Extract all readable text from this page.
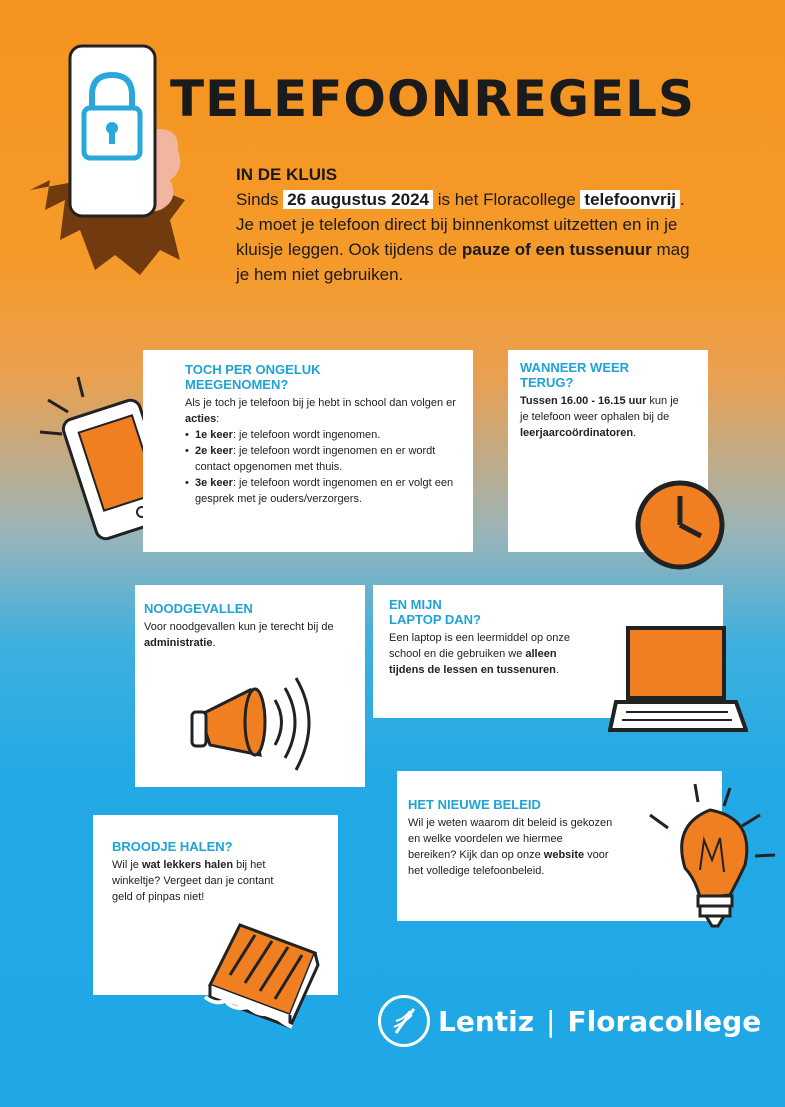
TELEFOONREGELS
IN DE KLUIS

Sinds 26 augustus 2024 is het Floracollege telefoonvrij . Je moet je telefoon direct bij binnenkomst uitzetten en in je kluisje leggen. Ook tijdens de pauze of een tussenuur mag je hem niet gebruiken.

TOCH PER ONGELUK
MEEGENOMEN?

Als je toch je telefoon bij je hebt in school dan volgen er acties:

• 1e keer: je telefoon wordt ingenomen.
• 2e keer: je telefoon wordt ingenomen en er wordt contact opgenomen met thuis.
• 3e keer: je telefoon wordt ingenomen en er volgt een gesprek met je ouders/verzorgers.
WANNEER WEER
TERUG?

Tussen 16.00 - 16.15 uur kun je je telefoon weer ophalen bij de leerjaarcoördinatoren.

NOODGEVALLEN

Voor noodgevallen kun je terecht bij de administratie.

EN MIJN
LAPTOP DAN?

Een laptop is een leermiddel op onze school en die gebruiken we alleen tijdens de lessen en tussenuren.

HET NIEUWE BELEID

Wil je weten waarom dit beleid is gekozen en welke voordelen we hiermee bereiken? Kijk dan op onze website voor het volledige telefoonbeleid.

BROODJE HALEN?

Wil je wat lekkers halen bij het winkeltje? Vergeet dan je contant geld of pinpas niet!

Lentiz | Floracollege
